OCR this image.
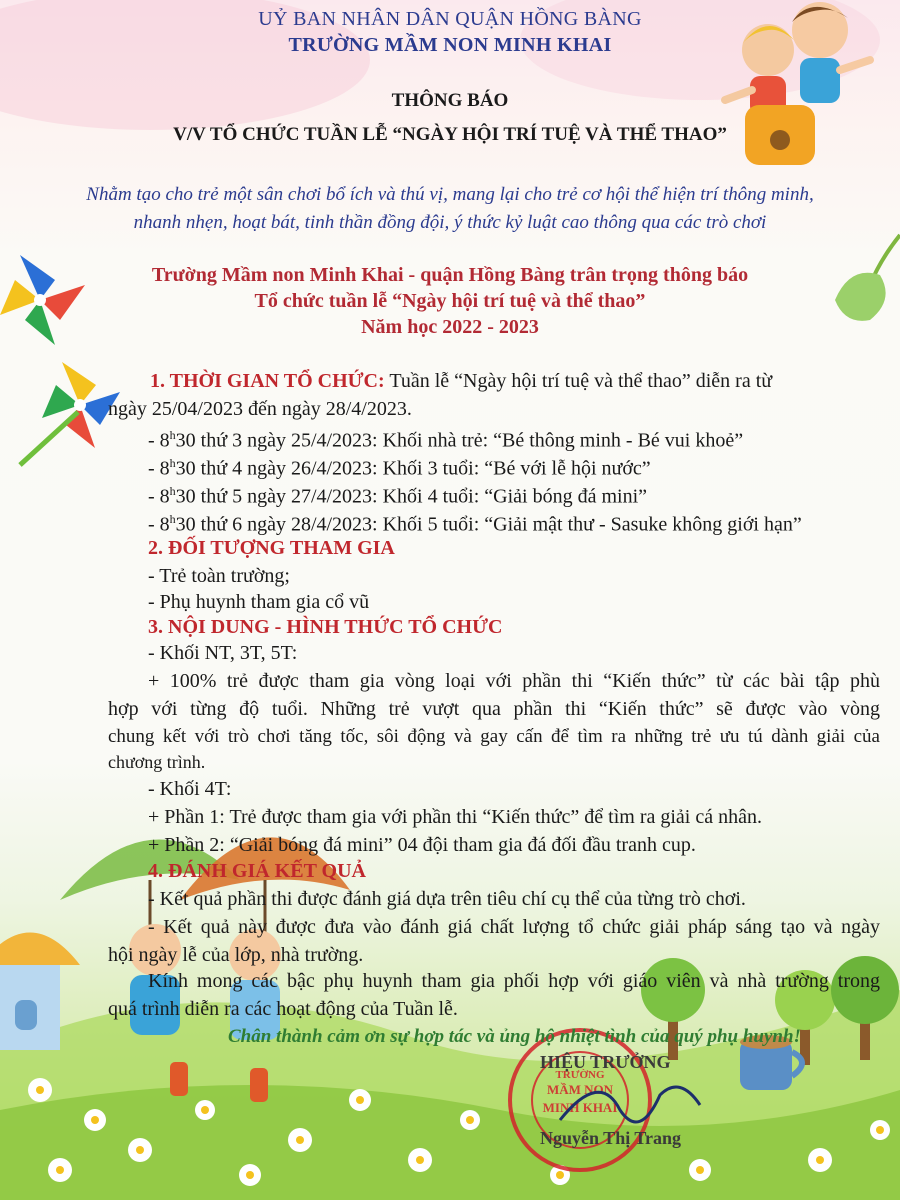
MẦM NON
MINH KHAI
TRƯỜNG
UỶ BAN NHÂN DÂN QUẬN HỒNG BÀNG
TRƯỜNG MẦM NON MINH KHAI
THÔNG BÁO
V/V TỔ CHỨC TUẦN LỄ “NGÀY HỘI TRÍ TUỆ VÀ THỂ THAO”
Nhằm tạo cho trẻ một sân chơi bổ ích và thú vị, mang lại cho trẻ cơ hội thể hiện trí thông minh,
nhanh nhẹn, hoạt bát, tinh thần đồng đội, ý thức kỷ luật cao thông qua các trò chơi
Trường Mầm non Minh Khai - quận Hồng Bàng trân trọng thông báo
Tổ chức tuần lễ “Ngày hội trí tuệ và thể thao”
Năm học 2022 - 2023
1. THỜI GIAN TỔ CHỨC: Tuần lễ “Ngày hội trí tuệ và thể thao” diễn ra từ
ngày 25/04/2023 đến ngày 28/4/2023.
- 8$^h$30 thứ 3 ngày 25/4/2023: Khối nhà trẻ: “Bé thông minh - Bé vui khoẻ”
- 8$^h$30 thứ 4 ngày 26/4/2023: Khối 3 tuổi: “Bé với lễ hội nước”
- 8$^h$30 thứ 5 ngày 27/4/2023: Khối 4 tuổi: “Giải bóng đá mini”
- 8$^h$30 thứ 6 ngày 28/4/2023: Khối 5 tuổi: “Giải mật thư - Sasuke không giới hạn”
2. ĐỐI TƯỢNG THAM GIA
- Trẻ toàn trường;
- Phụ huynh tham gia cổ vũ
3. NỘI DUNG - HÌNH THỨC TỔ CHỨC
- Khối NT, 3T, 5T:
+ 100% trẻ được tham gia vòng loại với phần thi “Kiến thức” từ các bài tập phù
hợp với từng độ tuổi. Những trẻ vượt qua phần thi “Kiến thức” sẽ được vào vòng
chung kết với trò chơi tăng tốc, sôi động và gay cấn để tìm ra những trẻ ưu tú dành giải của
chương trình.
- Khối 4T:
+ Phần 1: Trẻ được tham gia với phần thi “Kiến thức” để tìm ra giải cá nhân.
+ Phần 2: “Giải bóng đá mini” 04 đội tham gia đá đối đầu tranh cup.
4. ĐÁNH GIÁ KẾT QUẢ
- Kết quả phần thi được đánh giá dựa trên tiêu chí cụ thể của từng trò chơi.
- Kết quả này được đưa vào đánh giá chất lượng tổ chức giải pháp sáng tạo và ngày
hội ngày lễ của lớp, nhà trường.
Kính mong các bậc phụ huynh tham gia phối hợp với giáo viên và nhà trường trong
quá trình diễn ra các hoạt động của Tuần lễ.
Chân thành cảm ơn sự hợp tác và ủng hộ nhiệt tình của quý phụ huynh!
HIỆU TRƯỞNG
Nguyễn Thị Trang
